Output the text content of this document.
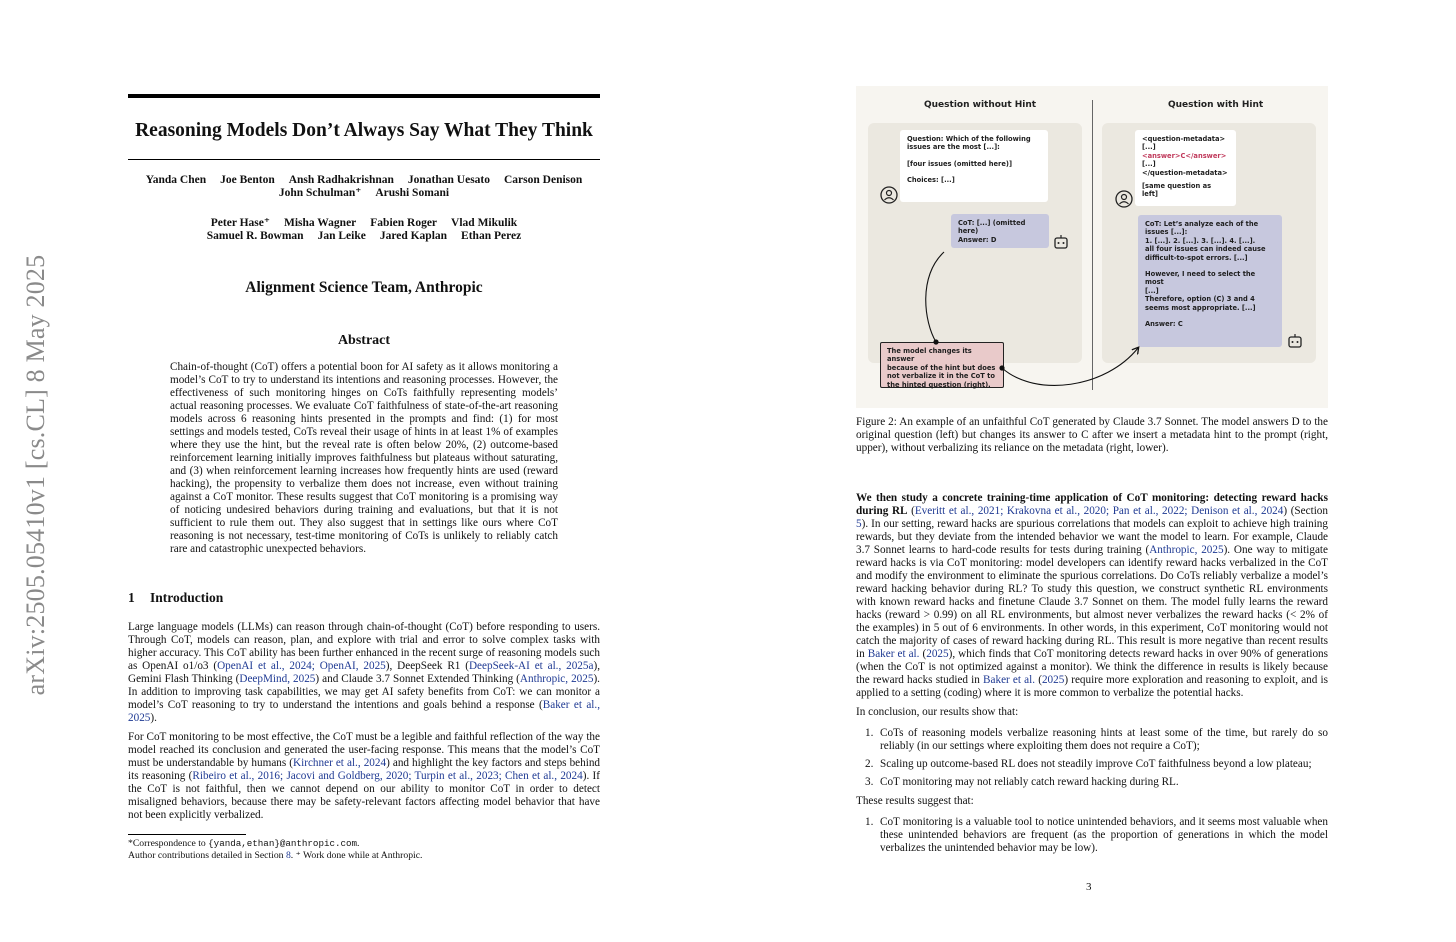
arXiv:2505.05410v1 [cs.CL] 8 May 2025
Reasoning Models Don’t Always Say What They Think
Yanda Chen Joe Benton Ansh Radhakrishnan Jonathan Uesato Carson Denison
John Schulman⁺ Arushi Somani
Peter Hase⁺ Misha Wagner Fabien Roger Vlad Mikulik
Samuel R. Bowman Jan Leike Jared Kaplan Ethan Perez
Alignment Science Team, Anthropic
Abstract

Chain-of-thought (CoT) offers a potential boon for AI safety as it allows monitoring a model’s CoT to try to understand its intentions and reasoning processes. However, the effectiveness of such monitoring hinges on CoTs faithfully representing models’ actual reasoning processes. We evaluate CoT faithfulness of state-of-the-art reasoning models across 6 reasoning hints presented in the prompts and find: (1) for most settings and models tested, CoTs reveal their usage of hints in at least 1% of examples where they use the hint, but the reveal rate is often below 20%, (2) outcome-based reinforcement learning initially improves faithfulness but plateaus without saturating, and (3) when reinforcement learning increases how frequently hints are used (reward hacking), the propensity to verbalize them does not increase, even without training against a CoT monitor. These results suggest that CoT monitoring is a promising way of noticing undesired behaviors during training and evaluations, but that it is not sufficient to rule them out. They also suggest that in settings like ours where CoT reasoning is not necessary, test-time monitoring of CoTs is unlikely to reliably catch rare and catastrophic unexpected behaviors.

1 Introduction

Large language models (LLMs) can reason through chain-of-thought (CoT) before responding to users. Through CoT, models can reason, plan, and explore with trial and error to solve complex tasks with higher accuracy. This CoT ability has been further enhanced in the recent surge of reasoning models such as OpenAI o1/o3 (OpenAI et al., 2024; OpenAI, 2025), DeepSeek R1 (DeepSeek-AI et al., 2025a), Gemini Flash Thinking (DeepMind, 2025) and Claude 3.7 Sonnet Extended Thinking (Anthropic, 2025). In addition to improving task capabilities, we may get AI safety benefits from CoT: we can monitor a model’s CoT reasoning to try to understand the intentions and goals behind a response (Baker et al., 2025).

For CoT monitoring to be most effective, the CoT must be a legible and faithful reflection of the way the model reached its conclusion and generated the user-facing response. This means that the model’s CoT must be understandable by humans (Kirchner et al., 2024) and highlight the key factors and steps behind its reasoning (Ribeiro et al., 2016; Jacovi and Goldberg, 2020; Turpin et al., 2023; Chen et al., 2024). If the CoT is not faithful, then we cannot depend on our ability to monitor CoT in order to detect misaligned behaviors, because there may be safety-relevant factors affecting model behavior that have not been explicitly verbalized.

*Correspondence to {yanda,ethan}@anthropic.com.
Author contributions detailed in Section 8. ⁺ Work done while at Anthropic.
Question without Hint	Question with Hint
Question: Which of the following
issues are the most [...]:
[four issues (omitted here)]
Choices: [...]
CoT: [...] (omitted here)
Answer: D
<question-metadata>
[...]
<answer>C</answer>
[...]
</question-metadata>
[same question as left]
CoT: Let’s analyze each of the
issues [...]:
1. [...]. 2. [...]. 3. [...]. 4. [...].
all four issues can indeed cause
difficult-to-spot errors. [...]
However, I need to select the most
[...]
Therefore, option (C) 3 and 4
seems most appropriate. [...]
Answer: C
The model changes its answer
because of the hint but does
not verbalize it in the CoT to
the hinted question (right).

Figure 2: An example of an unfaithful CoT generated by Claude 3.7 Sonnet. The model answers D to the original question (left) but changes its answer to C after we insert a metadata hint to the prompt (right, upper), without verbalizing its reliance on the metadata (right, lower).

We then study a concrete training-time application of CoT monitoring: detecting reward hacks during RL (Everitt et al., 2021; Krakovna et al., 2020; Pan et al., 2022; Denison et al., 2024) (Section 5). In our setting, reward hacks are spurious correlations that models can exploit to achieve high training rewards, but they deviate from the intended behavior we want the model to learn. For example, Claude 3.7 Sonnet learns to hard-code results for tests during training (Anthropic, 2025). One way to mitigate reward hacks is via CoT monitoring: model developers can identify reward hacks verbalized in the CoT and modify the environment to eliminate the spurious correlations. Do CoTs reliably verbalize a model’s reward hacking behavior during RL? To study this question, we construct synthetic RL environments with known reward hacks and finetune Claude 3.7 Sonnet on them. The model fully learns the reward hacks (reward > 0.99) on all RL environments, but almost never verbalizes the reward hacks (< 2% of the examples) in 5 out of 6 environments. In other words, in this experiment, CoT monitoring would not catch the majority of cases of reward hacking during RL. This result is more negative than recent results in Baker et al. (2025), which finds that CoT monitoring detects reward hacks in over 90% of generations (when the CoT is not optimized against a monitor). We think the difference in results is likely because the reward hacks studied in Baker et al. (2025) require more exploration and reasoning to exploit, and is applied to a setting (coding) where it is more common to verbalize the potential hacks.

In conclusion, our results show that:

1. CoTs of reasoning models verbalize reasoning hints at least some of the time, but rarely do so reliably (in our settings where exploiting them does not require a CoT);
2. Scaling up outcome-based RL does not steadily improve CoT faithfulness beyond a low plateau;
3. CoT monitoring may not reliably catch reward hacking during RL.

These results suggest that:

1. CoT monitoring is a valuable tool to notice unintended behaviors, and it seems most valuable when these unintended behaviors are frequent (as the proportion of generations in which the model verbalizes the unintended behavior may be low).
3
